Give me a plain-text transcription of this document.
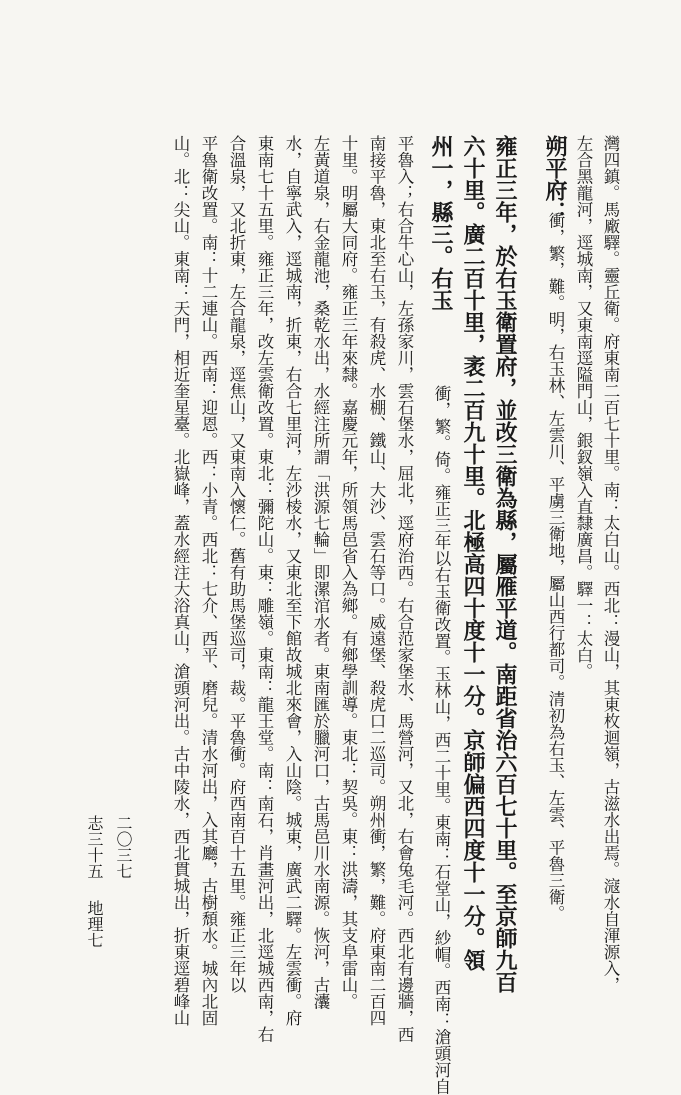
灣四鎮。馬廠驛。靈丘衛。府東南二百七十里。南：太白山。西北：漫山，其東枚迴嶺，古滋水出焉。滱水自渾源入，
左合黑龍河，逕城南，又東南逕隘門山，銀釵嶺入直隸廣昌。驛一：太白。
朔平府：
衝，繁，難。明，右玉林、左雲川、平虜三衛地，屬山西行都司。清初為右玉、左雲、平魯三衛。
雍正三年，於右玉衛置府，並改三衛為縣，屬雁平道。南距省治六百七十里。至京師九百
六十里。廣二百十里，袤二百九十里。北極高四十度十一分。京師偏西四度十一分。領
州一，縣三。右玉
衝，繁。倚。雍正三年以右玉衛改置。玉林山，西二十里。東南：石堂山，紗帽。西南：滄頭河自
平魯入；右合牛心山，左孫家川，雲石堡水，屈北，逕府治西。右合范家堡水、馬營河，又北，右會兔毛河。西北有邊牆，西
南接平魯，東北至右玉，有殺虎、水棚、鐵山、大沙、雲石等口。威遠堡、殺虎口二巡司。朔州衝，繁，難。府東南二百四
十里。明屬大同府。雍正三年來隸。嘉慶元年，所領馬邑省入為鄉。有鄉學訓導。東北：契吳。東：洪濤，其支阜雷山。
左黃道泉，右金龍池，桑乾水出，水經注所謂「洪源七輪」即漯涫水者。東南匯於臘河口，古馬邑川水南源。恢河，古灢
水，自寧武入，逕城南，折東，右合七里河，左沙棱水，又東北至下館故城北來會，入山陰。城東，廣武二驛。左雲衝。府
東南七十五里。雍正三年，改左雲衛改置。東北：彌陀山。東：雕嶺。東南：龍王堂。南：南石，肖畫河出，北逕城西南，右
合溫泉，又北折東，左合龍泉，逕焦山，又東南入懷仁。舊有助馬堡巡司，裁。平魯衝。府西南百十五里。雍正三年以
平魯衛改置。南：十二連山。西南：迎恩。西：小青。西北：七介、西平、磨兒。清水河出，入其廳，古樹頹水。城內北固
山。北：尖山。東南：天門，相近奎星臺。北嶽峰，蓋水經注大浴真山，滄頭河出。古中陵水，西北貫城出，折東逕碧峰山
志三十五
地理七
二〇三七
